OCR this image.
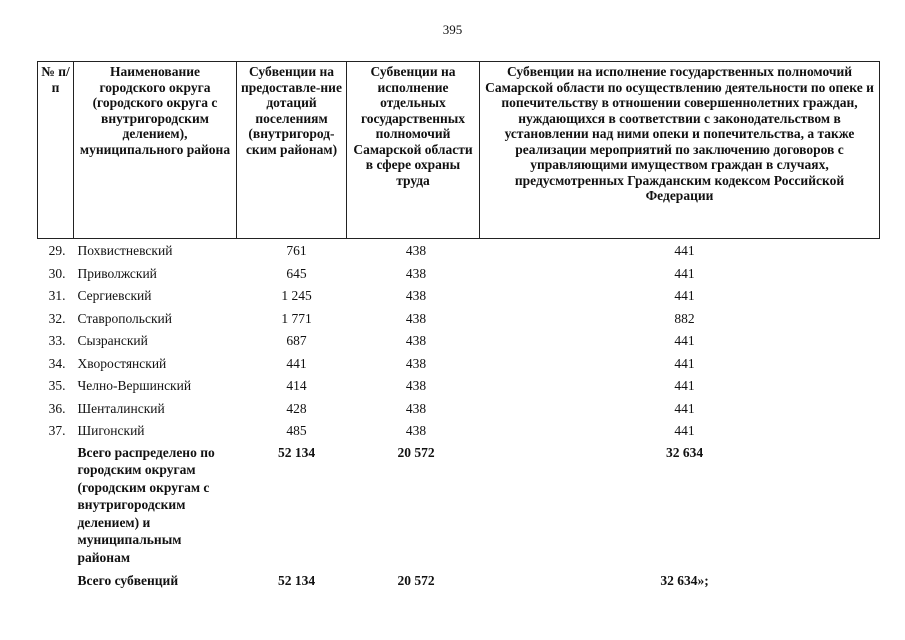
395
№ п/п	Наименование городского округа (городского округа с внутригородским делением), муниципального района	Субвенции на предоставле-ние дотаций поселениям (внутригород-ским районам)	Субвенции на исполнение отдельных государственных полномочий Самарской области в сфере охраны труда	Субвенции на исполнение государственных полномочий Самарской области по осуществлению деятельности по опеке и попечительству в отношении совершеннолетних граждан, нуждающихся в соответствии с законодательством в установлении над ними опеки и попечительства, а также реализации мероприятий по заключению договоров с управляющими имуществом граждан в случаях, предусмотренных Гражданским кодексом Российской Федерации
29.	Похвистневский	761	438	441
30.	Приволжский	645	438	441
31.	Сергиевский	1 245	438	441
32.	Ставропольский	1 771	438	882
33.	Сызранский	687	438	441
34.	Хворостянский	441	438	441
35.	Челно-Вершинский	414	438	441
36.	Шенталинский	428	438	441
37.	Шигонский	485	438	441
	Всего распределено по городским округам (городским округам с внутригородским делением) и муниципальным районам	52 134	20 572	32 634
	Всего субвенций	52 134	20 572	32 634»;
